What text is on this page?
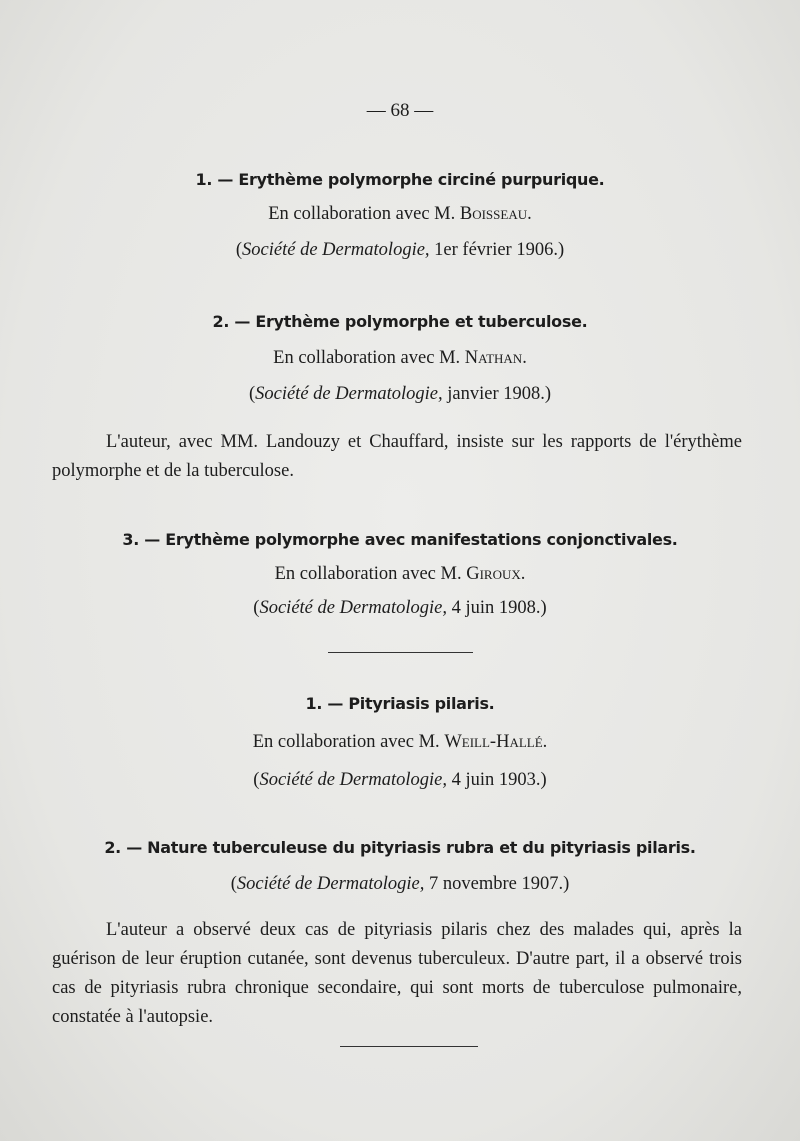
— 68 —
1. — Erythème polymorphe circiné purpurique.
En collaboration avec M. Boisseau.
(Société de Dermatologie, 1er février 1906.)
2. — Erythème polymorphe et tuberculose.
En collaboration avec M. Nathan.
(Société de Dermatologie, janvier 1908.)
L'auteur, avec MM. Landouzy et Chauffard, insiste sur les rapports de l'érythème polymorphe et de la tuberculose.
3. — Erythème polymorphe avec manifestations conjonctivales.
En collaboration avec M. Giroux.
(Société de Dermatologie, 4 juin 1908.)
1. — Pityriasis pilaris.
En collaboration avec M. Weill-Hallé.
(Société de Dermatologie, 4 juin 1903.)
2. — Nature tuberculeuse du pityriasis rubra et du pityriasis pilaris.
(Société de Dermatologie, 7 novembre 1907.)
L'auteur a observé deux cas de pityriasis pilaris chez des malades qui, après la guérison de leur éruption cutanée, sont devenus tuberculeux. D'autre part, il a observé trois cas de pityriasis rubra chronique secondaire, qui sont morts de tuberculose pulmonaire, constatée à l'autopsie.
